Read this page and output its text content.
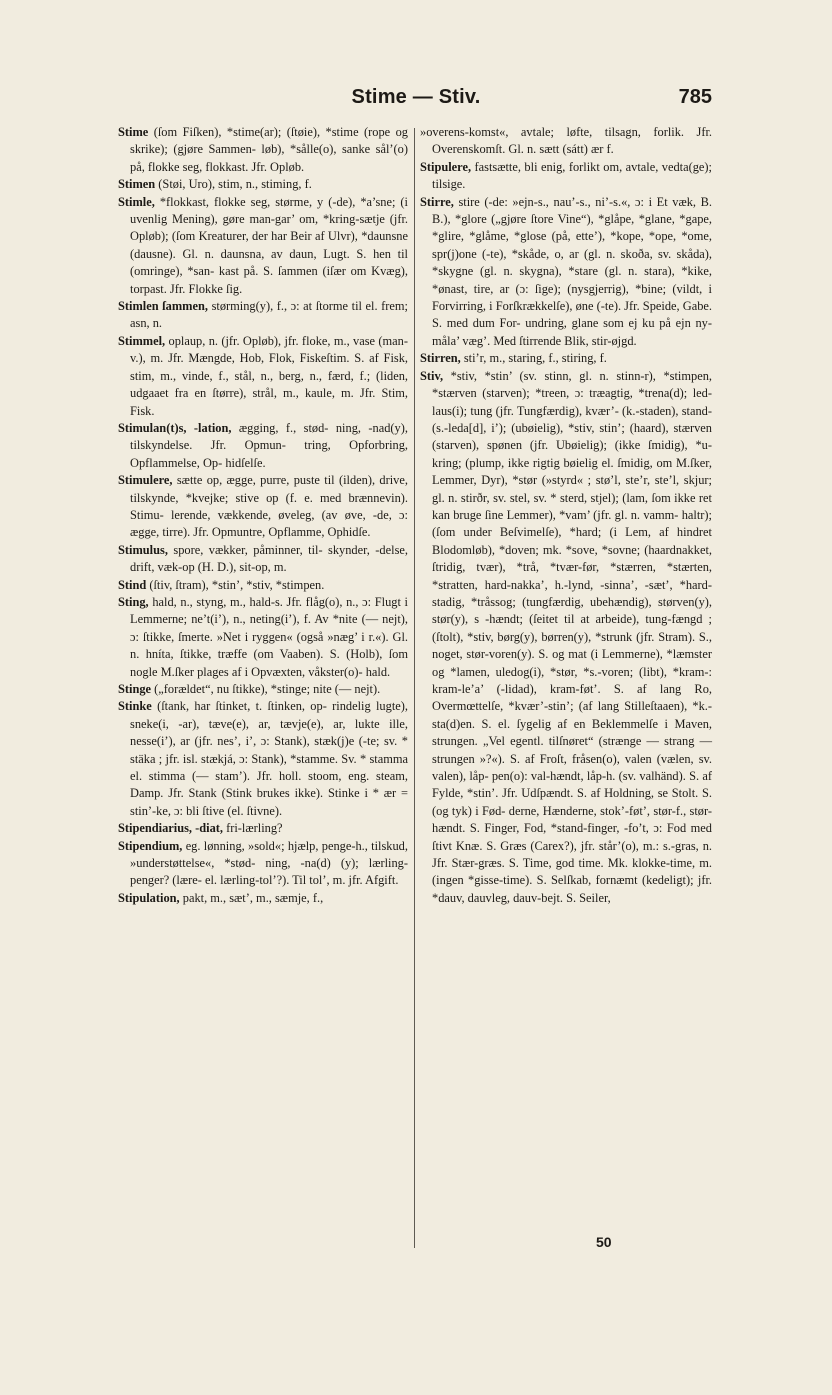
Stime — Stiv.	785

Stime (ſom Fiſken), *stime(ar); (ſtøie), *stime (rope og skrike); (gjøre Sammen- løb), *sålle(o), sanke sål’(o) på, flokke seg, flokkast. Jfr. Opløb.

Stimen (Støi, Uro), stim, n., stiming, f.

Stimle, *flokkast, flokke seg, størme, y (-de), *a’sne; (i uvenlig Mening), gøre man-gar’ om, *kring-sætje (jfr. Opløb); (ſom Kreaturer, der har Beir af Ulvr), *daunsne (dausne). Gl. n. daunsna, av daun, Lugt. S. hen til (omringe), *san- kast på. S. ſammen (iſær om Kvæg), torpast. Jfr. Flokke ſig.

Stimlen ſammen, størming(y), f., ɔ: at ſtorme til el. frem; asn, n.

Stimmel, oplaup, n. (jfr. Opløb), jfr. floke, m., vase (man-v.), m. Jfr. Mængde, Hob, Flok, Fiskeſtim. S. af Fisk, stim, m., vinde, f., stål, n., berg, n., færd, f.; (liden, udgaaet fra en ſtørre), strål, m., kaule, m. Jfr. Stim, Fisk.

Stimulan(t)s, -lation, ægging, f., stød- ning, -nad(y), tilskyndelse. Jfr. Opmun- tring, Opforbring, Opflammelse, Op- hidſelſe.

Stimulere, sætte op, ægge, purre, puste til (ilden), drive, tilskynde, *kvejke; stive op (f. e. med brænnevin). Stimu- lerende, vækkende, øveleg, (av øve, -de, ɔ: ægge, tirre). Jfr. Opmuntre, Opflamme, Ophidſe.

Stimulus, spore, vækker, påminner, til- skynder, -delse, drift, væk-op (H. D.), sit-op, m.

Stind (ſtiv, ſtram), *stin’, *stiv, *stimpen.

Sting, hald, n., styng, m., hald-s. Jfr. flåg(o), n., ɔ: Flugt i Lemmerne; ne’t(i’), n., neting(i’), f. Av *nite (— nejt), ɔ: ſtikke, ſmerte. »Net i ryggen« (også »næg’ i r.«). Gl. n. hníta, ſtikke, træffe (om Vaaben). S. (Holb), ſom nogle M.ſker plages af i Opvæxten, våkster(o)- hald.

Stinge („forældet“, nu ſtikke), *stinge; nite (— nejt).

Stinke (ſtank, har ſtinket, t. ſtinken, op- rindelig lugte), sneke(i, -ar), tæve(e), ar, tævje(e), ar, lukte ille, nesse(i’), ar (jfr. nes’, i’, ɔ: Stank), stæk(j)e (-te; sv. * stäka ; jfr. isl. stækjá, ɔ: Stank), *stamme. Sv. * stamma el. stimma (— stam’). Jfr. holl. stoom, eng. steam, Damp. Jfr. Stank (Stink brukes ikke). Stinke i * ær = stin’-ke, ɔ: bli ſtive (el. ſtivne).

Stipendiarius, -diat, fri-lærling?

Stipendium, eg. lønning, »sold«; hjælp, penge-h., tilskud, »understøttelse«, *stød- ning, -na(d) (y); lærling-penger? (lære- el. lærling-tol’?). Til tol’, m. jfr. Afgift.

Stipulation, pakt, m., sæt’, m., sæmje, f.,

»overens-komst«, avtale; løfte, tilsagn, forlik. Jfr. Overenskomſt. Gl. n. sætt (sátt) ær f.

Stipulere, fastsætte, bli enig, forlikt om, avtale, vedta(ge); tilsige.

Stirre, stire (-de: »ejn-s., nau’-s., ni’-s.«, ɔ: i Et væk, B. B.), *glore („gjøre ſtore Vine“), *glåpe, *glane, *gape, *glire, *glåme, *glose (på, ette’), *kope, *ope, *ome, spr(j)one (-te), *skåde, o, ar (gl. n. skoða, sv. skåda), *skygne (gl. n. skygna), *stare (gl. n. stara), *kike, *ønast, tire, ar (ɔ: ſige); (nysgjerrig), *bine; (vildt, i Forvirring, i Forſkrækkelſe), øne (-te). Jfr. Speide, Gabe. S. med dum For- undring, glane som ej ku på ejn ny- måla’ væg’. Med ſtirrende Blik, stir-øjgd.

Stirren, sti’r, m., staring, f., stiring, f.

Stiv, *stiv, *stin’ (sv. stinn, gl. n. stinn-r), *stimpen, *stærven (starven); *treen, ɔ: træagtig, *trena(d); led-laus(i); tung (jfr. Tungfærdig), kvær’- (k.-staden), stand- (s.-leda[d], i’); (ubøielig), *stiv, stin’; (haard), stærven (starven), spønen (jfr. Ubøielig); (ikke ſmidig), *u-kring; (plump, ikke rigtig bøielig el. ſmidig, om M.ſker, Lemmer, Dyr), *stør (»styrd« ; stø’l, ste’r, ste’l, skjur; gl. n. stirðr, sv. stel, sv. * sterd, stjel); (lam, ſom ikke ret kan bruge ſine Lemmer), *vam’ (jfr. gl. n. vamm- haltr); (ſom under Beſvimelſe), *hard; (i Lem, af hindret Blodomløb), *doven; mk. *sove, *sovne; (haardnakket, ſtridig, tvær), *trå, *tvær-før, *stærren, *stærten, *stratten, hard-nakka’, h.-lynd, -sinna’, -sæt’, *hard-stadig, *tråssog; (tungfærdig, ubehændig), størven(y), stør(y), s -hændt; (ſeitet til at arbeide), tung-fængd ; (ſtolt), *stiv, børg(y), børren(y), *strunk (jfr. Stram). S., noget, stør-voren(y). S. og mat (i Lemmerne), *læmster og *lamen, uledog(i), *stør, *s.-voren; (libt), *kram-: kram-le’a’ (-lidad), kram-føt’. S. af lang Ro, Overmœttelſe, *kvær’-stin’; (af lang Stilleſtaaen), *k.-sta(d)en. S. el. ſygelig af en Beklemmelſe i Maven, strungen. „Vel egentl. tilſnøret“ (strænge — strang — strungen »?«). S. af Froſt, fråsen(o), valen (vælen, sv. valen), låp- pen(o): val-hændt, låp-h. (sv. valhänd). S. af Fylde, *stin’. Jfr. Udſpændt. S. af Holdning, se Stolt. S. (og tyk) i Fød- derne, Hænderne, stok’-føt’, stør-f., stør- hændt. S. Finger, Fod, *stand-finger, -fo’t, ɔ: Fod med ſtivt Knæ. S. Græs (Carex?), jfr. står’(o), m.: s.-gras, n. Jfr. Stær-græs. S. Time, god time. Mk. klokke-time, m. (ingen *gisse-time). S. Selſkab, fornæmt (kedeligt); jfr. *dauv, dauvleg, dauv-bejt. S. Seiler,

50
